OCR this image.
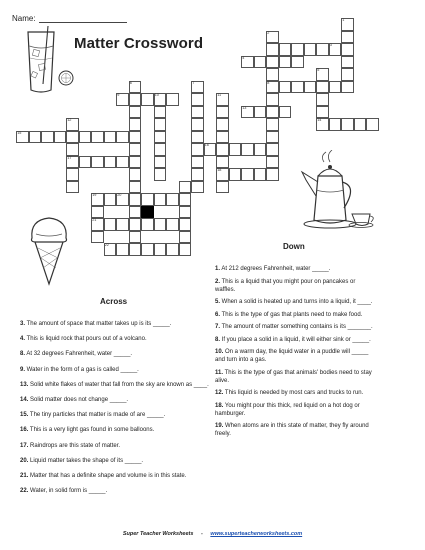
Name:
Matter Crossword
1
2
8
5
14
6	7
10	11
18
12
17
19
21
3
4
9
13
15
16
20
22
Across
3. The amount of space that matter takes up is its _____.
4. This is liquid rock that pours out of a volcano.
8. At 32 degrees Fahrenheit, water _____.
9. Water in the form of a gas is called _____.
13. Solid white flakes of water that fall from the sky are known as ____.
14. Solid matter does not change _____.
15. The tiny particles that matter is made of are _____.
16. This is a very light gas found in some balloons.
17. Raindrops are this state of matter.
20. Liquid matter takes the shape of its _____.
21. Matter that has a definite shape and volume is in this state.
22. Water, in solid form is _____.
Down
1. At 212 degrees Fahrenheit, water _____.
2. This is a liquid that you might pour on pancakes or waffles.
5. When a solid is heated up and turns into a liquid, it ____.
6. This is the type of gas that plants need to make food.
7. The amount of matter something contains is its _______.
8. If you place a solid in a liquid, it will either sink or _____.
10. On a warm day, the liquid water in a puddle will _____ and turn into a gas.
11. This is the type of gas that animals' bodies need to stay alive.
12. This liquid is needed by most cars and trucks to run.
18. You might pour this thick, red liquid on a hot dog or hamburger.
19. When atoms are in this state of matter, they fly around freely.
Super Teacher Worksheets - www.superteacherworksheets.com
